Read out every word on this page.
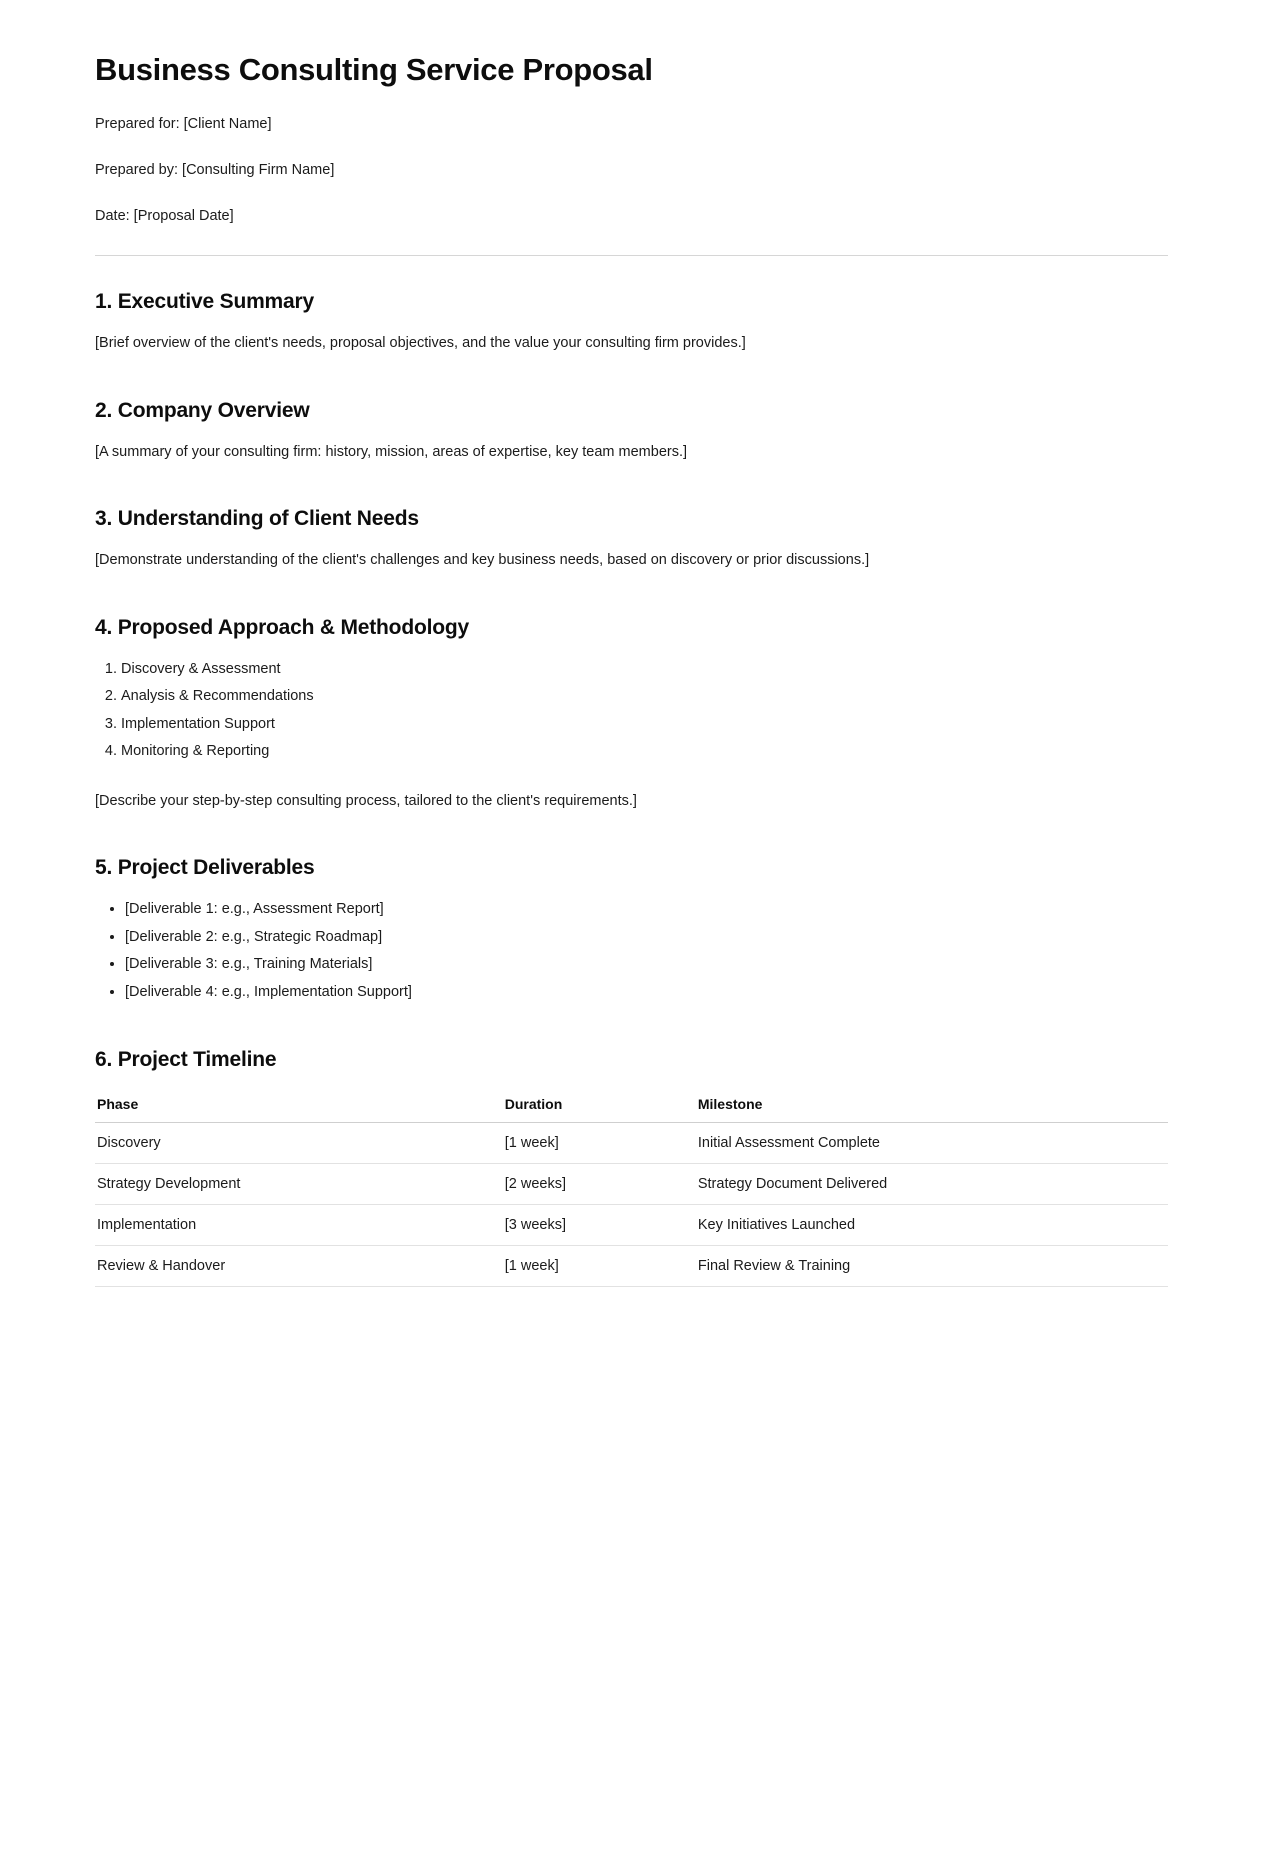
Business Consulting Service Proposal

Prepared for: [Client Name]

Prepared by: [Consulting Firm Name]

Date: [Proposal Date]

1. Executive Summary

[Brief overview of the client's needs, proposal objectives, and the value your consulting firm provides.]

2. Company Overview

[A summary of your consulting firm: history, mission, areas of expertise, key team members.]

3. Understanding of Client Needs

[Demonstrate understanding of the client's challenges and key business needs, based on discovery or prior discussions.]

4. Proposed Approach & Methodology
1. Discovery & Assessment
2. Analysis & Recommendations
3. Implementation Support
4. Monitoring & Reporting

[Describe your step-by-step consulting process, tailored to the client's requirements.]

5. Project Deliverables
• [Deliverable 1: e.g., Assessment Report]
• [Deliverable 2: e.g., Strategic Roadmap]
• [Deliverable 3: e.g., Training Materials]
• [Deliverable 4: e.g., Implementation Support]
6. Project Timeline
Phase	Duration	Milestone
Discovery	[1 week]	Initial Assessment Complete
Strategy Development	[2 weeks]	Strategy Document Delivered
Implementation	[3 weeks]	Key Initiatives Launched
Review & Handover	[1 week]	Final Review & Training
